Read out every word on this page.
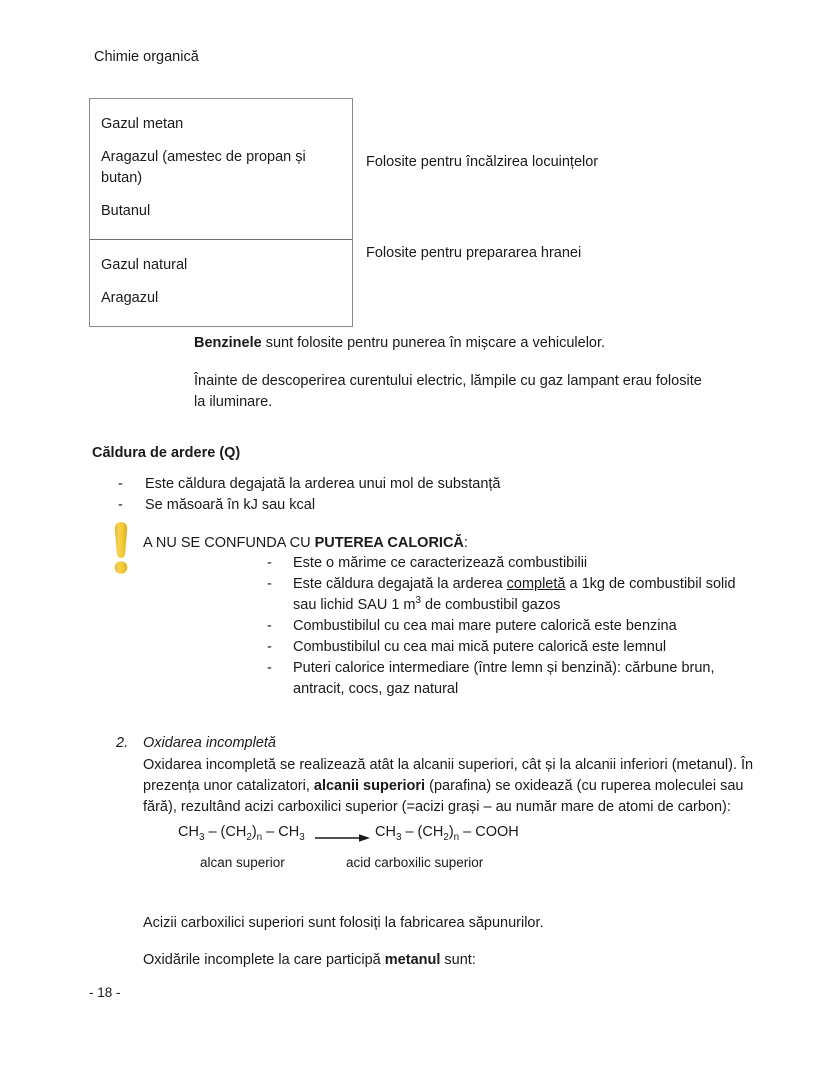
Chimie organică
Gazul metan
Aragazul (amestec de propan și butan)
Butanul
Gazul natural
Aragazul
Folosite pentru încălzirea locuințelor
Folosite pentru prepararea hranei
Benzinele sunt folosite pentru punerea în mișcare a vehiculelor.
Înainte de descoperirea curentului electric, lămpile cu gaz lampant erau folosite la iluminare.
Căldura de ardere (Q)
- Este căldura degajată la arderea unui mol de substanță
- Se măsoară în kJ sau kcal
A NU SE CONFUNDA CU PUTEREA CALORICĂ:
- Este o mărime ce caracterizează combustibilii
- Este căldura degajată la arderea completă a 1kg de combustibil solid sau lichid SAU 1 $m^3$ de combustibil gazos
- Combustibilul cu cea mai mare putere calorică este benzina
- Combustibilul cu cea mai mică putere calorică este lemnul
- Puteri calorice intermediare (între lemn și benzină): cărbune brun, antracit, cocs, gaz natural
2. Oxidarea incompletă
Oxidarea incompletă se realizează atât la alcanii superiori, cât și la alcanii inferiori (metanul). În prezența unor catalizatori, alcanii superiori (parafina) se oxidează (cu ruperea moleculei sau fără), rezultând acizi carboxilici superior (=acizi grași – au număr mare de atomi de carbon):
$CH_3 - (CH_2)_n - CH_3$	$CH_3 - (CH_2)_n$ – COOH
alcan superior	acid carboxilic superior
Acizii carboxilici superiori sunt folosiți la fabricarea săpunurilor.
Oxidările incomplete la care participă metanul sunt:
- 18 -
